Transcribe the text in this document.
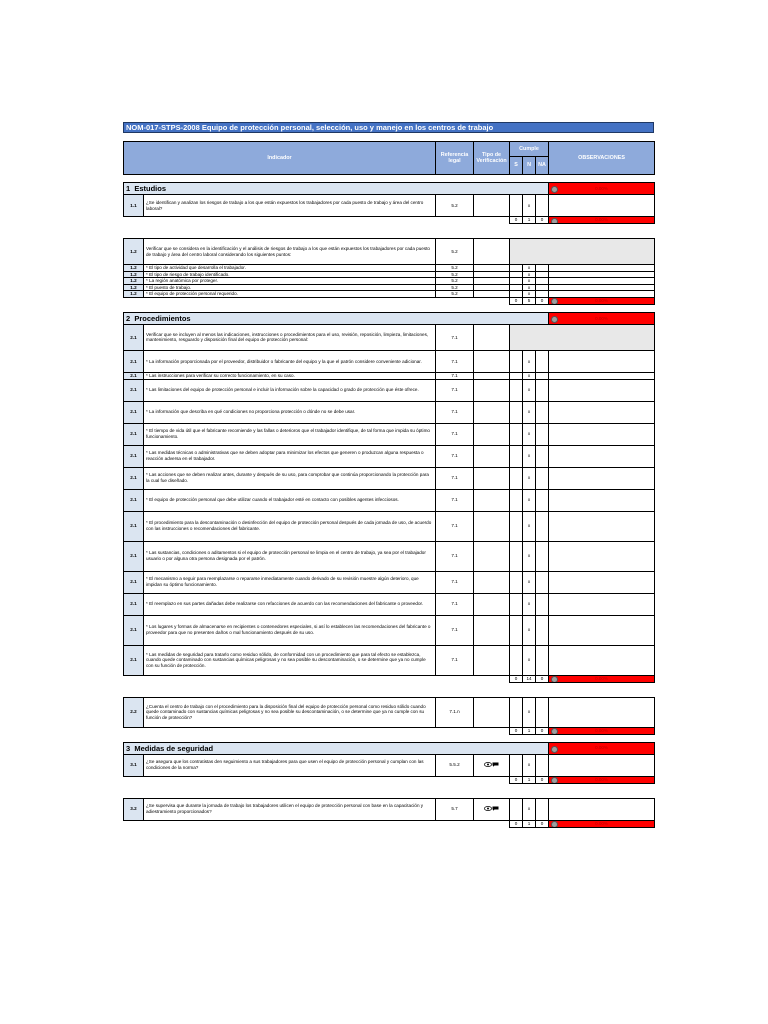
NOM-017-STPS-2008 Equipo de protección personal, selección, uso y manejo en los centros de trabajo
Indicador		Referencia legal	Tipo de Verificación	Cumple			OBSERVACIONES
				S	N	NA	

1 Estudios							0.00%
1.1	¿Se identifican y analizan los riesgos de trabajo a los que están expuestos los trabajadores por cada puesto de trabajo y área del centro laboral?	5.2			x		
				0	1	0	0.00%

1.2	Verificar que se considera en la identificación y el análisis de riesgos de trabajo a los que están expuestos los trabajadores por cada puesto de trabajo y área del centro laboral considerando los siguientes puntos:	5.2					
1.2	* El tipo de actividad que desarrolla el trabajador.	5.2			x		
1.2	* El tipo de riesgo de trabajo identificado.	5.2			x		
1.2	* La región anatómica por proteger.	5.2			x		
1.2	* El puesto de trabajo.	5.2			x		
1.2	* El equipo de protección personal requerido.	5.2			x		
				0	5	0	0.00%

2 Procedimientos							0.00%
2.1	Verificar que se incluyen al menos las indicaciones, instrucciones o procedimientos para el uso, revisión, reposición, limpieza, limitaciones, mantenimiento, resguardo y disposición final del equipo de protección personal:	7.1					
2.1	* La información proporcionada por el proveedor, distribuidor o fabricante del equipo y la que el patrón considere conveniente adicionar.	7.1			x		
2.1	* Las instrucciones para verificar su correcto funcionamiento, en su caso.	7.1			x		
2.1	* Las limitaciones del equipo de protección personal e incluir la información sobre la capacidad o grado de protección que éste ofrece.	7.1			x		
2.1	* La información que describa en qué condiciones no proporciona protección o dónde no se debe usar.	7.1			x		
2.1	* El tiempo de vida útil que el fabricante recomiende y las fallas o deterioros que el trabajador identifique, de tal forma que impida su óptimo funcionamiento.	7.1			x		
2.1	* Las medidas técnicas o administrativas que se deben adoptar para minimizar los efectos que generen o produzcan alguna respuesta o reacción adversa en el trabajador.	7.1			x		
2.1	* Las acciones que se deben realizar antes, durante y después de su uso, para comprobar que continúa proporcionando la protección para la cual fue diseñado.	7.1			x		
2.1	* El equipo de protección personal que debe utilizar cuando el trabajador esté en contacto con posibles agentes infecciosos.	7.1			x		
2.1	* El procedimiento para la descontaminación o desinfección del equipo de protección personal después de cada jornada de uso, de acuerdo con las instrucciones o recomendaciones del fabricante.	7.1			x		
2.1	* Las sustancias, condiciones o aditamentos si el equipo de protección personal se limpia en el centro de trabajo, ya sea por el trabajador usuario o por alguna otra persona designada por el patrón.	7.1			x		
2.1	* El mecanismo a seguir para reemplazarse o repararse inmediatamente cuando derivado de su revisión muestre algún deterioro, que impidan su óptimo funcionamiento.	7.1			x		
2.1	* El reemplazo en sus partes dañadas debe realizarse con refacciones de acuerdo con las recomendaciones del fabricante o proveedor.	7.1			x		
2.1	* Los lugares y formas de almacenarse en recipientes o contenedores especiales, si así lo establecen las recomendaciones del fabricante o proveedor para que no presenten daños o mal funcionamiento después de su uso.	7.1			x		
2.1	* Las medidas de seguridad para tratarlo como residuo sólido, de conformidad con un procedimiento que para tal efecto se establezca, cuando quede contaminado con sustancias químicas peligrosas y no sea posible su descontaminación, o se determine que ya no cumple con su función de protección.	7.1			x		
				0	14	0	0.00%

2.2	¿Cuenta el centro de trabajo con el procedimiento para la disposición final del equipo de protección personal como residuo sólido cuando quede contaminado con sustancias químicas peligrosas y no sea posible su descontaminación, o se determine que ya no cumple con su función de protección?	7.1.n			x		
				0	1	0	0.00%

3 Medidas de seguridad							0.00%
3.1	¿Se asegura que los contratistas den seguimiento a sus trabajadores para que usen el equipo de protección personal y cumplan con las condiciones de la norma?	5.5.2			x		
				0	1	0	0.00%

3.2	¿Se supervisa que durante la jornada de trabajo los trabajadores utilicen el equipo de protección personal con base en la capacitación y adiestramiento proporcionados?	5.7			x		
				0	1	0	0.00%
